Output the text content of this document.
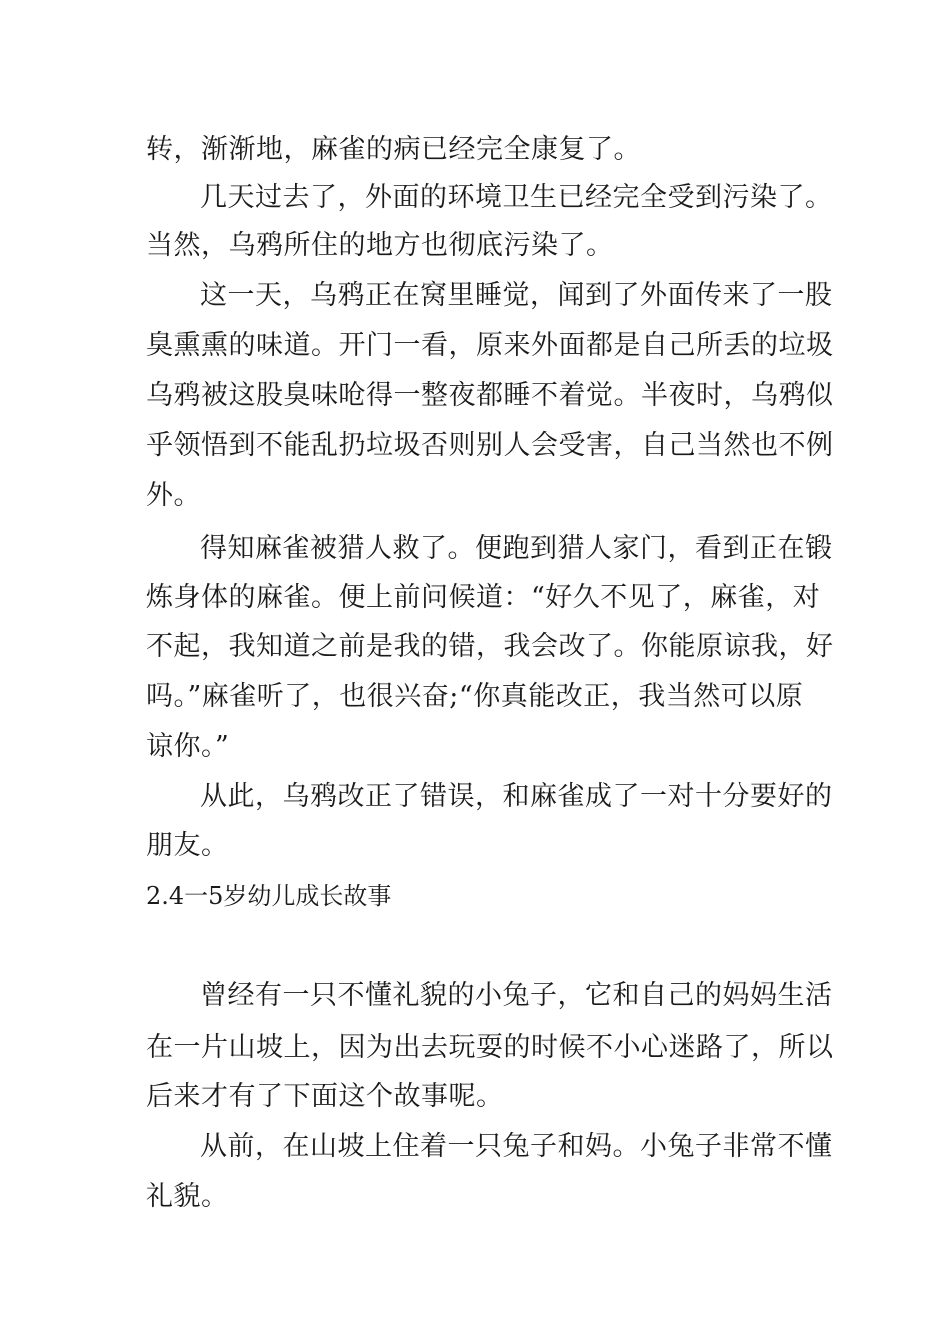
转，渐渐地，麻雀的病已经完全康复了。
几天过去了，外面的环境卫生已经完全受到污染了。
当然，乌鸦所住的地方也彻底污染了。
这一天，乌鸦正在窝里睡觉，闻到了外面传来了一股
臭熏熏的味道。开门一看，原来外面都是自己所丢的垃圾
乌鸦被这股臭味呛得一整夜都睡不着觉。半夜时，乌鸦似
乎领悟到不能乱扔垃圾否则别人会受害，自己当然也不例
外。
得知麻雀被猎人救了。便跑到猎人家门，看到正在锻
炼身体的麻雀。便上前问候道：“好久不见了，麻雀，对
不起，我知道之前是我的错，我会改了。你能原谅我，好
吗。”麻雀听了，也很兴奋;“你真能改正，我当然可以原
谅你。”
从此，乌鸦改正了错误，和麻雀成了一对十分要好的
朋友。
2.4一5岁幼儿成长故事
曾经有一只不懂礼貌的小兔子，它和自己的妈妈生活
在一片山坡上，因为出去玩耍的时候不小心迷路了，所以
后来才有了下面这个故事呢。
从前，在山坡上住着一只兔子和妈。小兔子非常不懂
礼貌。
